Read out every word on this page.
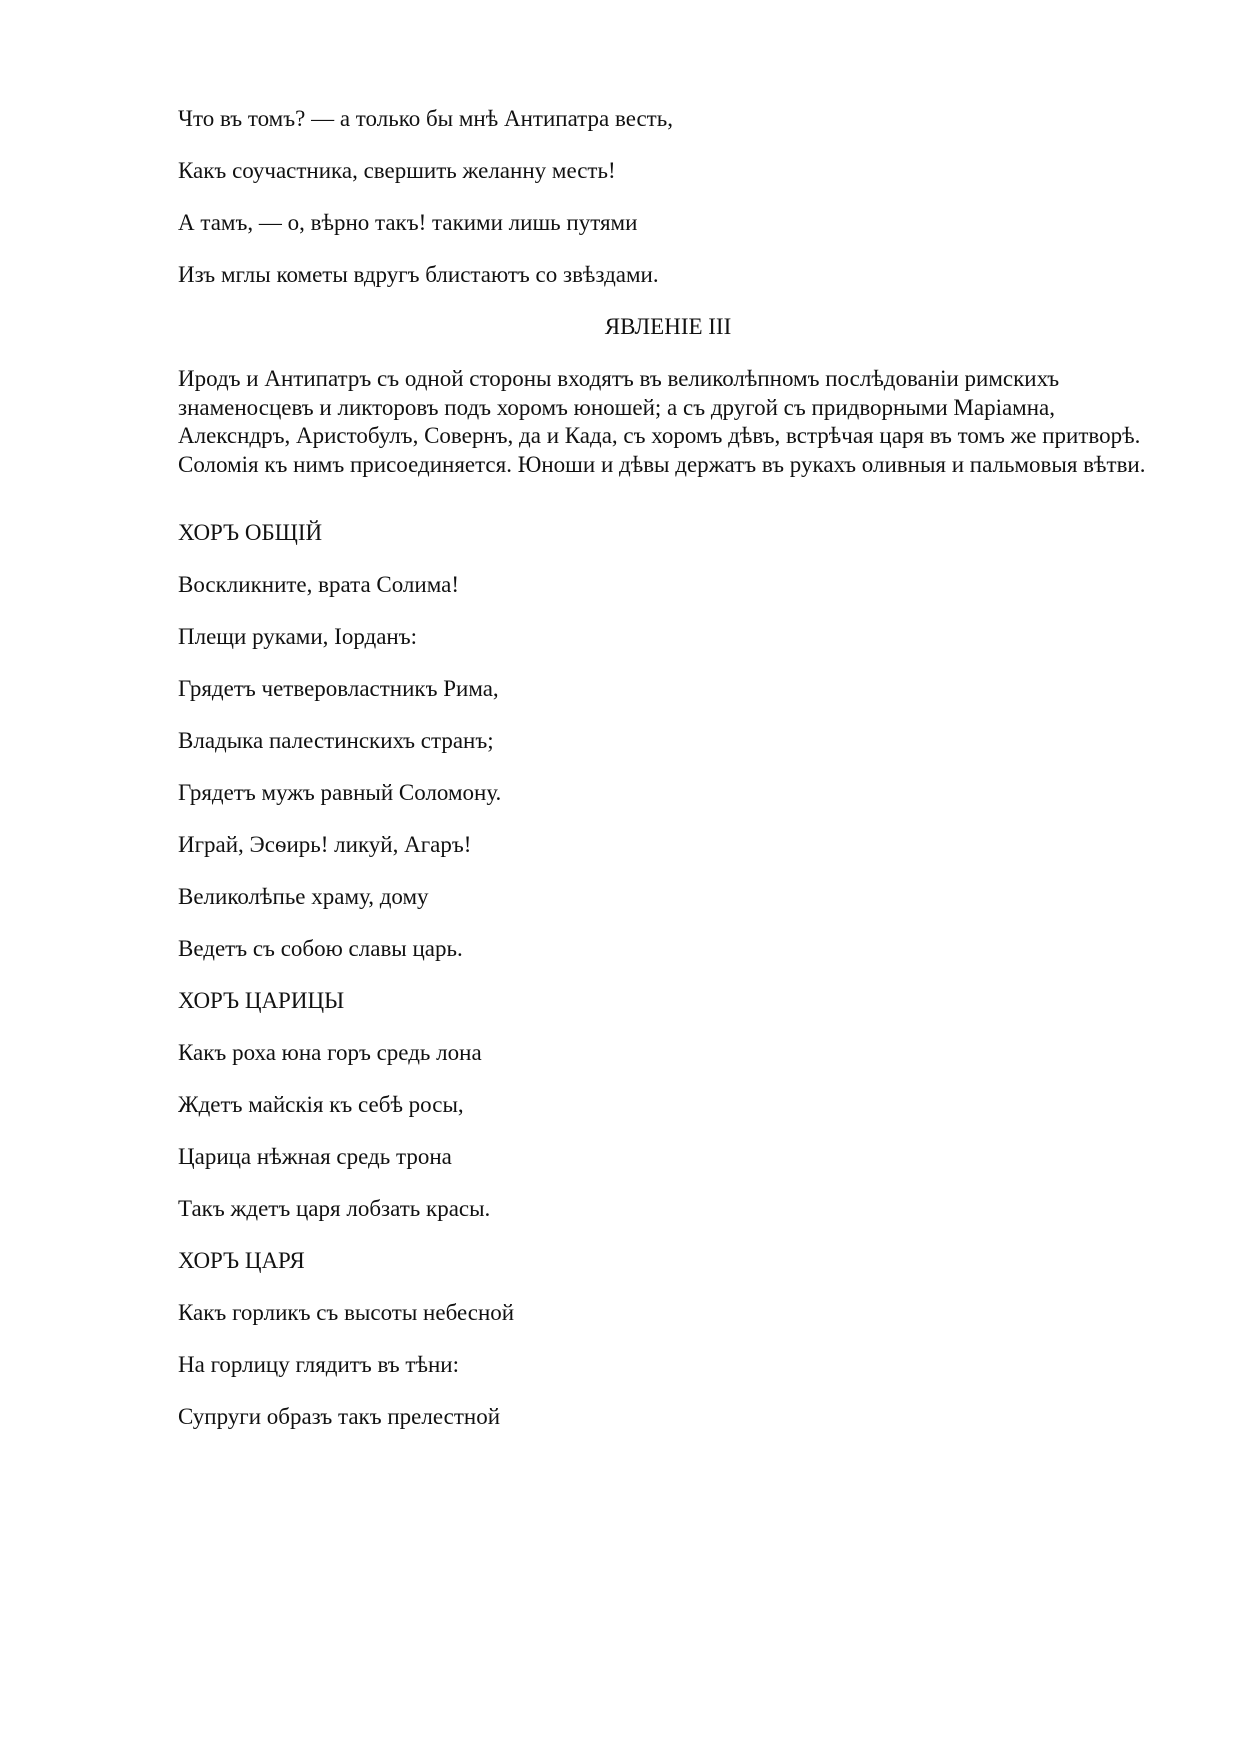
Что въ томъ? — а только бы мнѣ Антипатра весть,
Какъ соучастника, свершить желанну месть!
А тамъ, — о, вѣрно такъ! такими лишь путями
Изъ мглы кометы вдругъ блистаютъ со звѣздами.
ЯВЛЕНIЕ III
Иродъ и Антипатръ съ одной стороны входятъ въ великолѣпномъ послѣдованiи римскихъ знаменосцевъ и ликторовъ подъ хоромъ юношей; а съ другой съ придворными Марiамна, Алексндръ, Аристобулъ, Совернъ, да и Када, съ хоромъ дѣвъ, встрѣчая царя въ томъ же притворѣ. Соломiя къ нимъ присоединяется. Юноши и дѣвы держатъ въ рукахъ оливныя и пальмовыя вѣтви.
ХОРЪ ОБЩIЙ
Воскликните, врата Солима!
Плещи руками, Iорданъ:
Грядетъ четверовластникъ Рима,
Владыка палестинскихъ странъ;
Грядетъ мужъ равный Соломону.
Играй, Эсѳирь! ликуй, Агаръ!
Великолѣпье храму, дому
Ведетъ съ собою славы царь.
ХОРЪ ЦАРИЦЫ
Какъ роха юна горъ средь лона
Ждетъ майскiя къ себѣ росы,
Царица нѣжная средь трона
Такъ ждетъ царя лобзать красы.
ХОРЪ ЦАРЯ
Какъ горликъ съ высоты небесной
На горлицу глядитъ въ тѣни:
Супруги образъ такъ прелестной
